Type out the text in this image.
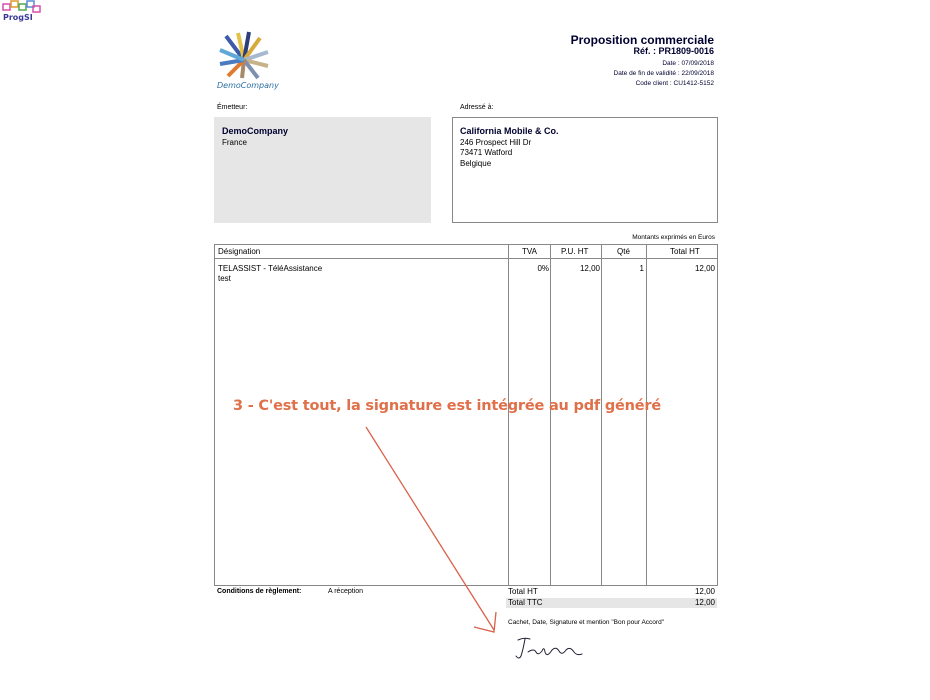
ProgSI
DemoCompany
Proposition commerciale
Réf. : PR1809-0016
Date : 07/09/2018
Date de fin de validité : 22/09/2018
Code client : CU1412-5152
Émetteur:
DemoCompany
France
Adressé à:
California Mobile & Co.
246 Prospect Hill Dr
73471 Watford
Belgique
Montants exprimés en Euros
Désignation	TVA	P.U. HT	Qté	Total HT
TELASSIST - TéléAssistance
test
0%	12,00	1	12,00
Conditions de règlement:	A réception	Total HT	12,00
Total TTC	12,00
Cachet, Date, Signature et mention "Bon pour Accord"
3 - C'est tout, la signature est intégrée au pdf généré
